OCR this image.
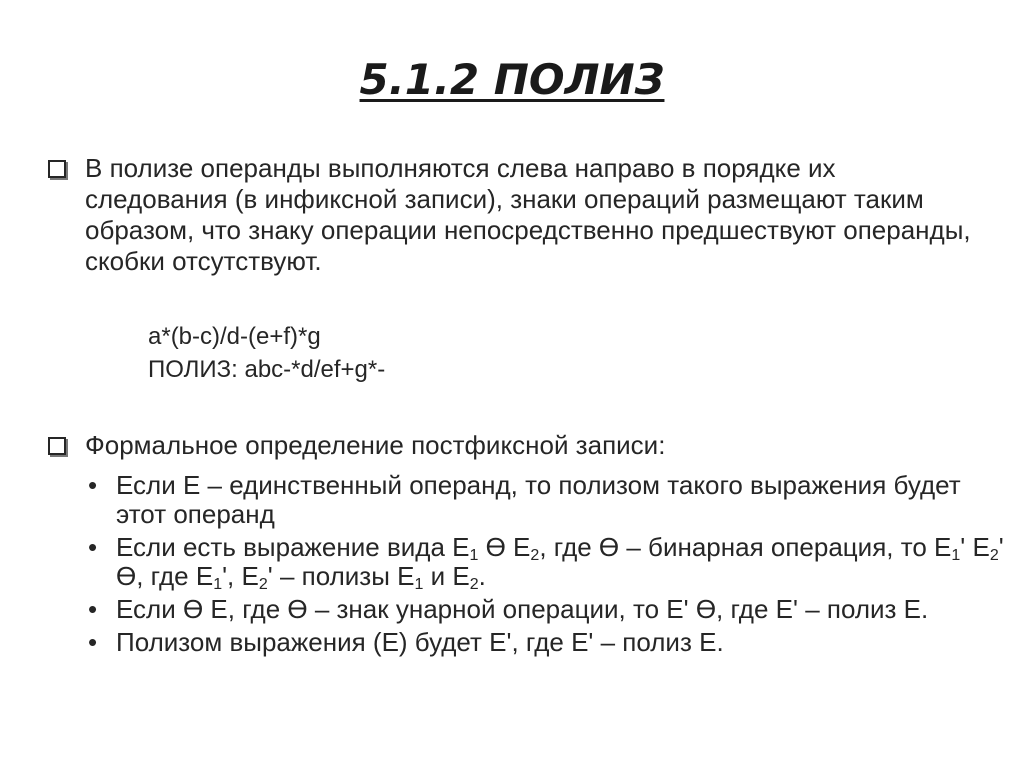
5.1.2 ПОЛИЗ
В полизе операнды выполняются слева направо в порядке их следования (в инфиксной записи), знаки операций размещают таким образом, что знаку операции непосредственно предшествуют операнды, скобки отсутствуют.
a*(b-c)/d-(e+f)*g
ПОЛИЗ: abc-*d/ef+g*-
Формальное определение постфиксной записи:
• Если E – единственный операнд, то полизом такого выражения будет этот операнд
• Если есть выражение вида $E_1$ ϴ $E_2$, где ϴ – бинарная операция, то $E_1'$ $E_2'$ ϴ, где $E_1'$, $E_2'$ – полизы $E_1$ и $E_2$.
• Если ϴ E, где ϴ – знак унарной операции, то E' ϴ, где E' – полиз E.
• Полизом выражения (E) будет E', где E' – полиз E.
